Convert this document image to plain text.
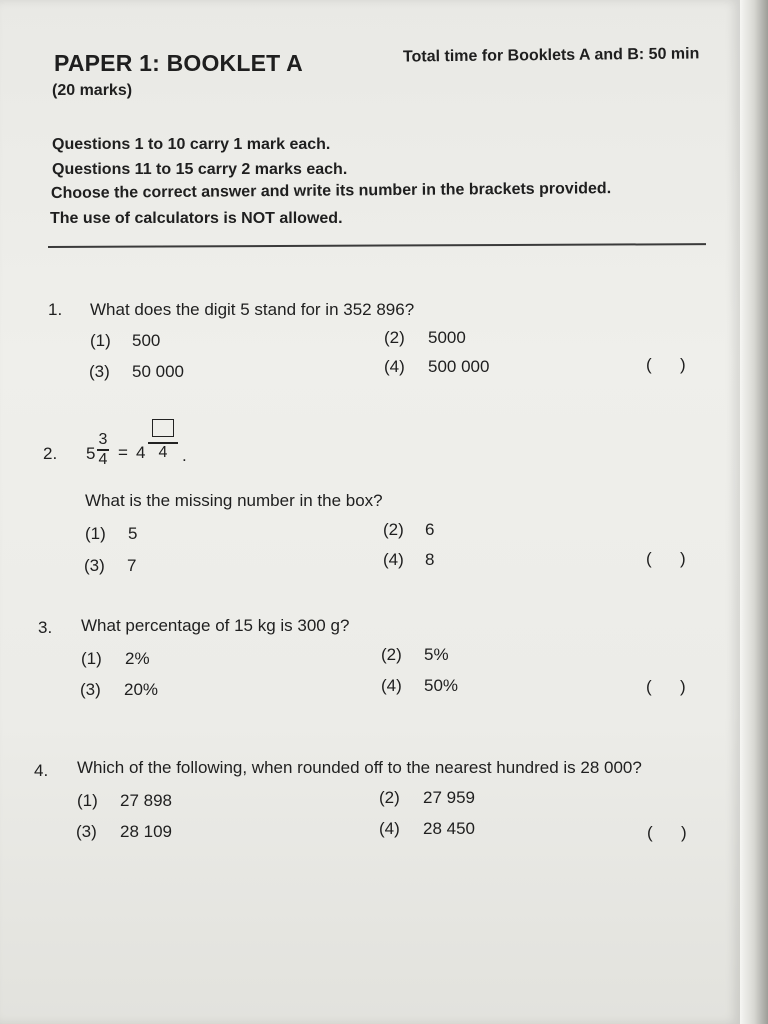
PAPER 1: BOOKLET A	Total time for Booklets A and B: 50 min
(20 marks)
Questions 1 to 10 carry 1 mark each.
Questions 11 to 15 carry 2 marks each.
Choose the correct answer and write its number in the brackets provided.
The use of calculators is NOT allowed.
1. What does the digit 5 stand for in 352 896?
(1) 500	(2) 5000
(3) 50 000	(4) 500 000	(      )
2. 5
3
4 = 4 4 .
What is the missing number in the box?
(1) 5	(2) 6
(3) 7	(4) 8	(      )
3. What percentage of 15 kg is 300 g?
(1) 2%	(2) 5%
(3) 20%	(4) 50%	(      )
4. Which of the following, when rounded off to the nearest hundred is 28 000?
(1) 27 898	(2) 27 959
(3) 28 109	(4) 28 450	(      )
